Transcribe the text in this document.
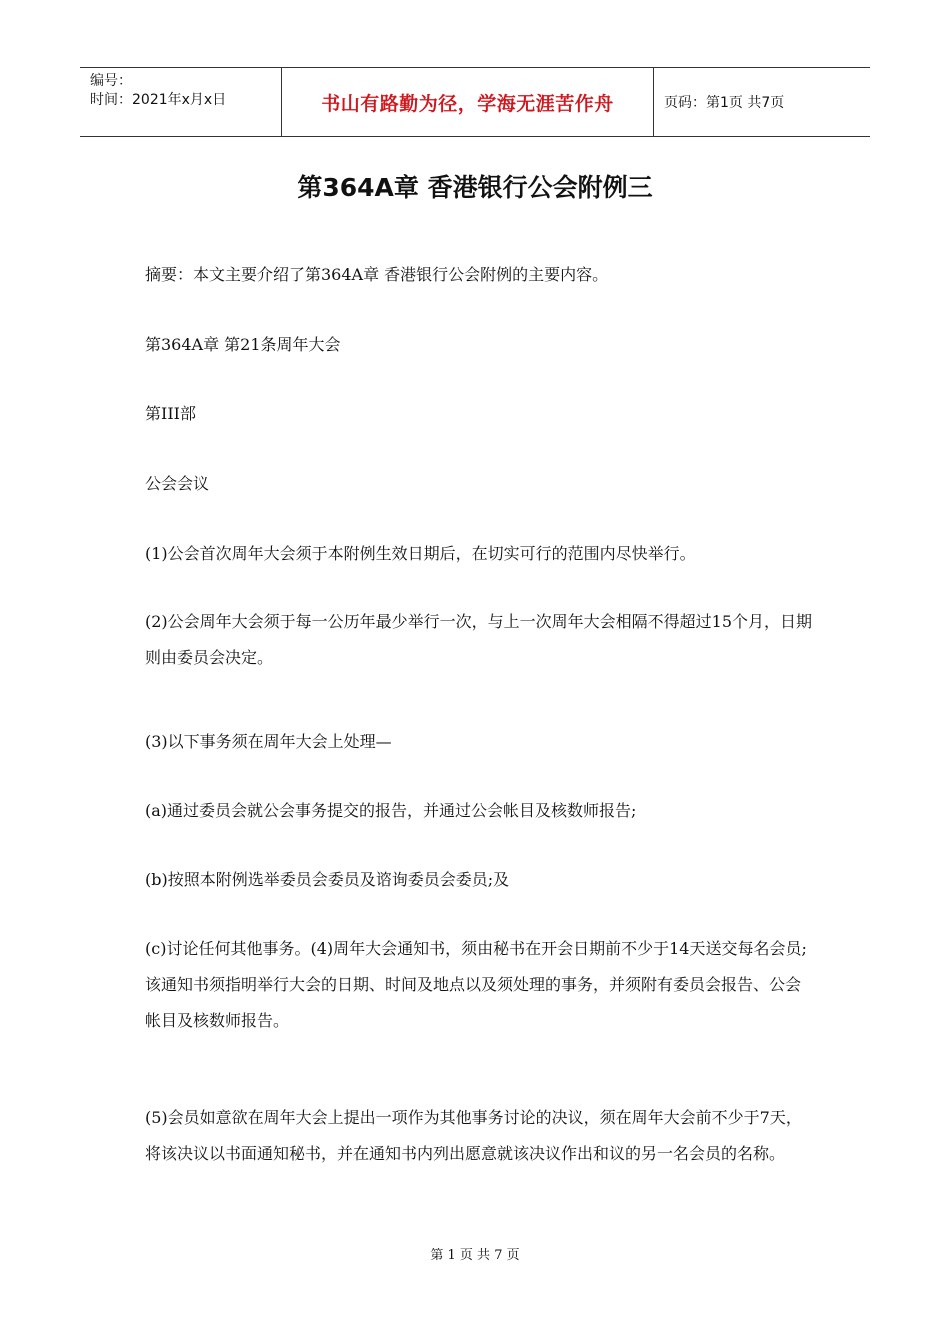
编号：
时间：2021年x月x日	书山有路勤为径，学海无涯苦作舟	页码：第1页 共7页
第364A章 香港银行公会附例三
摘要：本文主要介绍了第364A章 香港银行公会附例的主要内容。
第364A章 第21条周年大会
第III部
公会会议
(1)公会首次周年大会须于本附例生效日期后，在切实可行的范围内尽快举行。
(2)公会周年大会须于每一公历年最少举行一次，与上一次周年大会相隔不得超过15个月，日期则由委员会决定。
(3)以下事务须在周年大会上处理—
(a)通过委员会就公会事务提交的报告，并通过公会帐目及核数师报告;
(b)按照本附例选举委员会委员及谘询委员会委员;及
(c)讨论任何其他事务。(4)周年大会通知书，须由秘书在开会日期前不少于14天送交每名会员;该通知书须指明举行大会的日期、时间及地点以及须处理的事务，并须附有委员会报告、公会帐目及核数师报告。
(5)会员如意欲在周年大会上提出一项作为其他事务讨论的决议，须在周年大会前不少于7天，将该决议以书面通知秘书，并在通知书内列出愿意就该决议作出和议的另一名会员的名称。
第 1 页 共 7 页
